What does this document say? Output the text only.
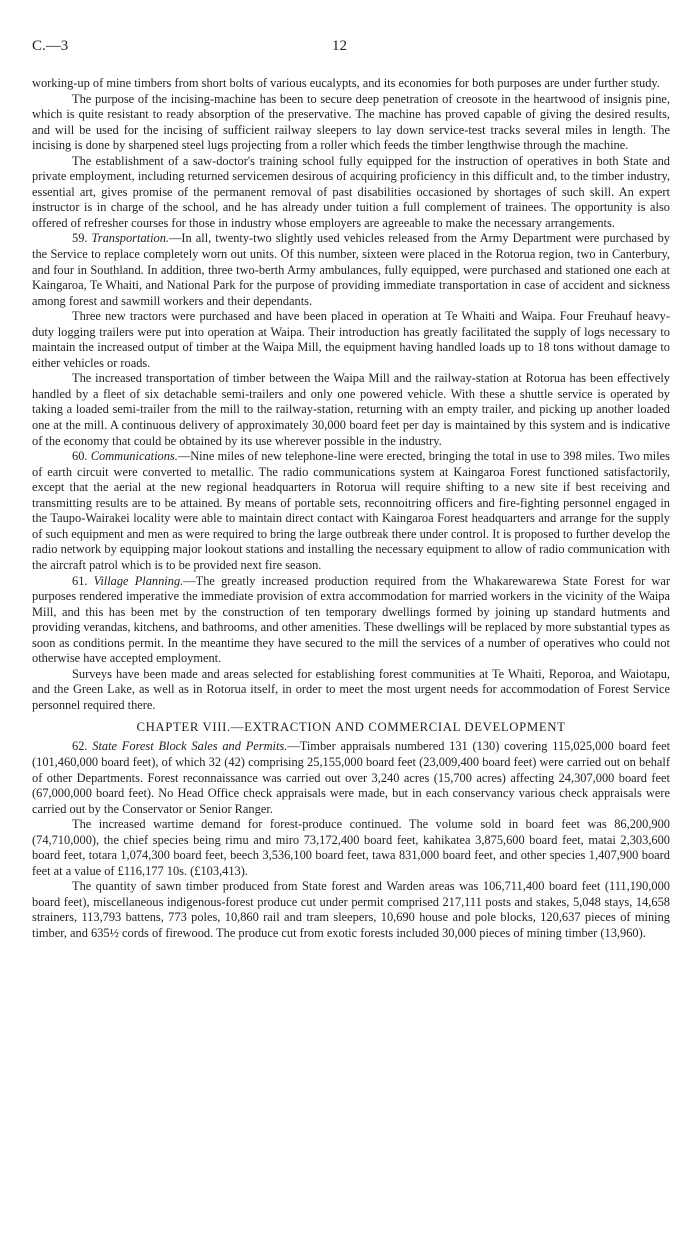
C.—3	12

working-up of mine timbers from short bolts of various eucalypts, and its economies for both purposes are under further study.

The purpose of the incising-machine has been to secure deep penetration of creosote in the heartwood of insignis pine, which is quite resistant to ready absorption of the preservative. The machine has proved capable of giving the desired results, and will be used for the incising of sufficient railway sleepers to lay down service-test tracks several miles in length. The incising is done by sharpened steel lugs projecting from a roller which feeds the timber lengthwise through the machine.

The establishment of a saw-doctor's training school fully equipped for the instruction of operatives in both State and private employment, including returned servicemen desirous of acquiring proficiency in this difficult and, to the timber industry, essential art, gives promise of the permanent removal of past disabilities occasioned by shortages of such skill. An expert instructor is in charge of the school, and he has already under tuition a full complement of trainees. The opportunity is also offered of refresher courses for those in industry whose employers are agreeable to make the necessary arrangements.

59. Transportation.—In all, twenty-two slightly used vehicles released from the Army Department were purchased by the Service to replace completely worn out units. Of this number, sixteen were placed in the Rotorua region, two in Canterbury, and four in Southland. In addition, three two-berth Army ambulances, fully equipped, were purchased and stationed one each at Kaingaroa, Te Whaiti, and National Park for the purpose of providing immediate transportation in case of accident and sickness among forest and sawmill workers and their dependants.

Three new tractors were purchased and have been placed in operation at Te Whaiti and Waipa. Four Freuhauf heavy-duty logging trailers were put into operation at Waipa. Their introduction has greatly facilitated the supply of logs necessary to maintain the increased output of timber at the Waipa Mill, the equipment having handled loads up to 18 tons without damage to either vehicles or roads.

The increased transportation of timber between the Waipa Mill and the railway-station at Rotorua has been effectively handled by a fleet of six detachable semi-trailers and only one powered vehicle. With these a shuttle service is operated by taking a loaded semi-trailer from the mill to the railway-station, returning with an empty trailer, and picking up another loaded one at the mill. A continuous delivery of approximately 30,000 board feet per day is maintained by this system and is indicative of the economy that could be obtained by its use wherever possible in the industry.

60. Communications.—Nine miles of new telephone-line were erected, bringing the total in use to 398 miles. Two miles of earth circuit were converted to metallic. The radio communications system at Kaingaroa Forest functioned satisfactorily, except that the aerial at the new regional headquarters in Rotorua will require shifting to a new site if best receiving and transmitting results are to be attained. By means of portable sets, reconnoitring officers and fire-fighting personnel engaged in the Taupo-Wairakei locality were able to maintain direct contact with Kaingaroa Forest headquarters and arrange for the supply of such equipment and men as were required to bring the large outbreak there under control. It is proposed to further develop the radio network by equipping major lookout stations and installing the necessary equipment to allow of radio communication with the aircraft patrol which is to be provided next fire season.

61. Village Planning.—The greatly increased production required from the Whakarewarewa State Forest for war purposes rendered imperative the immediate provision of extra accommodation for married workers in the vicinity of the Waipa Mill, and this has been met by the construction of ten temporary dwellings formed by joining up standard hutments and providing verandas, kitchens, and bathrooms, and other amenities. These dwellings will be replaced by more substantial types as soon as conditions permit. In the meantime they have secured to the mill the services of a number of operatives who could not otherwise have accepted employment.

Surveys have been made and areas selected for establishing forest communities at Te Whaiti, Reporoa, and Waiotapu, and the Green Lake, as well as in Rotorua itself, in order to meet the most urgent needs for accommodation of Forest Service personnel required there.

CHAPTER VIII.—EXTRACTION AND COMMERCIAL DEVELOPMENT

62. State Forest Block Sales and Permits.—Timber appraisals numbered 131 (130) covering 115,025,000 board feet (101,460,000 board feet), of which 32 (42) comprising 25,155,000 board feet (23,009,400 board feet) were carried out on behalf of other Departments. Forest reconnaissance was carried out over 3,240 acres (15,700 acres) affecting 24,307,000 board feet (67,000,000 board feet). No Head Office check appraisals were made, but in each conservancy various check appraisals were carried out by the Conservator or Senior Ranger.

The increased wartime demand for forest-produce continued. The volume sold in board feet was 86,200,900 (74,710,000), the chief species being rimu and miro 73,172,400 board feet, kahikatea 3,875,600 board feet, matai 2,303,600 board feet, totara 1,074,300 board feet, beech 3,536,100 board feet, tawa 831,000 board feet, and other species 1,407,900 board feet at a value of £116,177 10s. (£103,413).

The quantity of sawn timber produced from State forest and Warden areas was 106,711,400 board feet (111,190,000 board feet), miscellaneous indigenous-forest produce cut under permit comprised 217,111 posts and stakes, 5,048 stays, 14,658 strainers, 113,793 battens, 773 poles, 10,860 rail and tram sleepers, 10,690 house and pole blocks, 120,637 pieces of mining timber, and 635½ cords of firewood. The produce cut from exotic forests included 30,000 pieces of mining timber (13,960).
